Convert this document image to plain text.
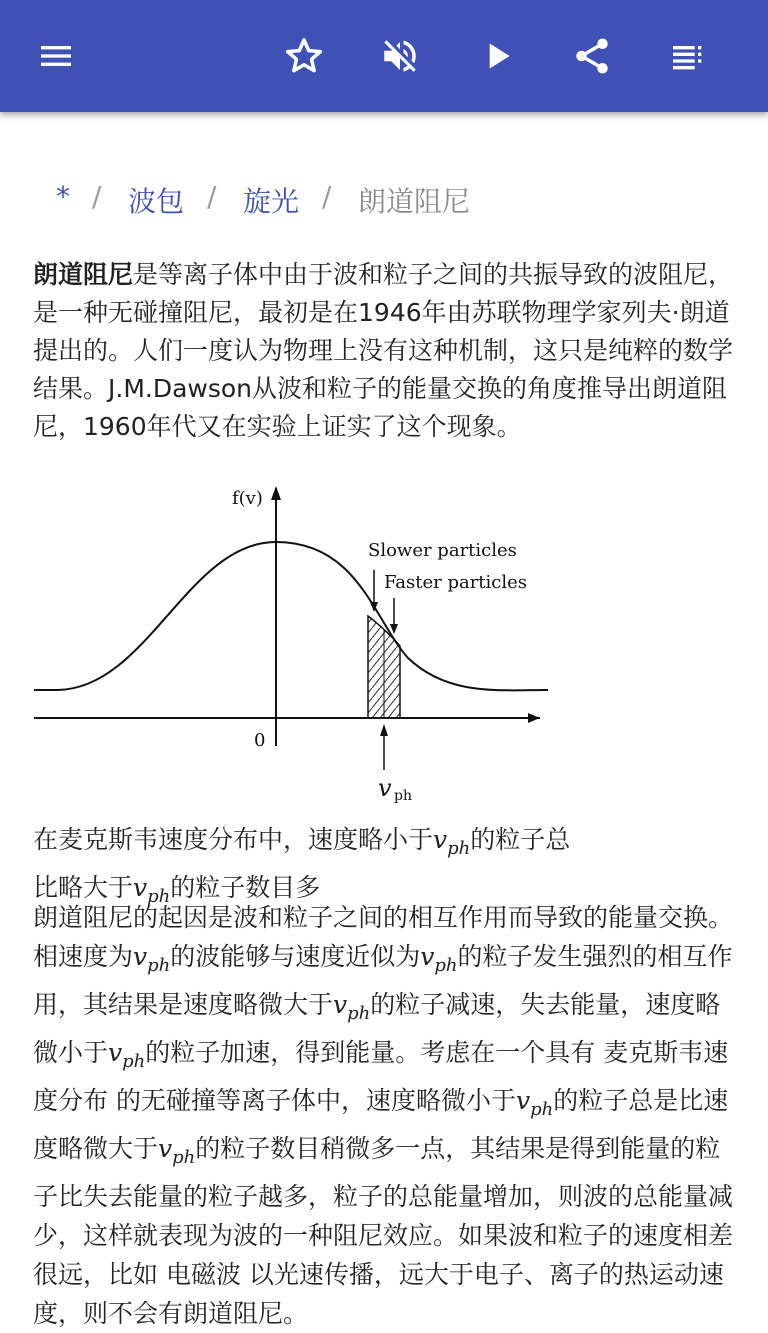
* / 波包 / 旋光 / 朗道阻尼
朗道阻尼是等离子体中由于波和粒子之间的共振导致的波阻尼，是一种无碰撞阻尼，最初是在1946年由苏联物理学家列夫·朗道提出的。人们一度认为物理上没有这种机制，这只是纯粹的数学结果。J.M.Dawson从波和粒子的能量交换的角度推导出朗道阻尼，1960年代又在实验上证实了这个现象。
f(v)
0
Slower particles
Faster particles
v ph
在麦克斯韦速度分布中，速度略小于$v_{ph}$的粒子总比略大于$v_{ph}$的粒子数目多
朗道阻尼的起因是波和粒子之间的相互作用而导致的能量交换。相速度为$v_{ph}$的波能够与速度近似为$v_{ph}$的粒子发生强烈的相互作用，其结果是速度略微大于$v_{ph}$的粒子减速，失去能量，速度略微小于$v_{ph}$的粒子加速，得到能量。考虑在一个具有 麦克斯韦速度分布 的无碰撞等离子体中，速度略微小于$v_{ph}$的粒子总是比速度略微大于$v_{ph}$的粒子数目稍微多一点，其结果是得到能量的粒子比失去能量的粒子越多，粒子的总能量增加，则波的总能量减少，这样就表现为波的一种阻尼效应。如果波和粒子的速度相差很远，比如 电磁波 以光速传播，远大于电子、离子的热运动速度，则不会有朗道阻尼。
